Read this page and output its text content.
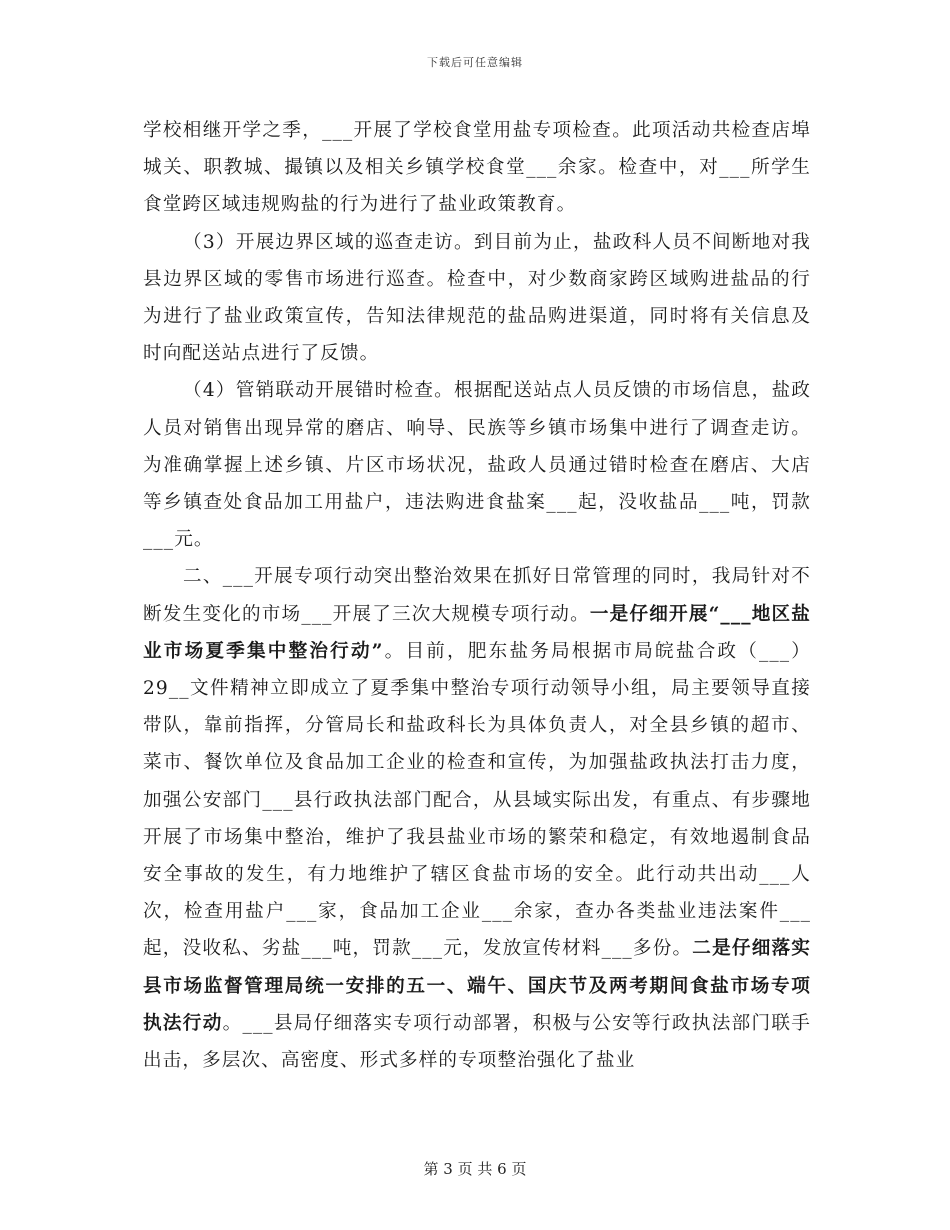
下载后可任意编辑

学校相继开学之季，___开展了学校食堂用盐专项检查。此项活动共检查店埠城关、职教城、撮镇以及相关乡镇学校食堂___余家。检查中，对___所学生食堂跨区域违规购盐的行为进行了盐业政策教育。

（3）开展边界区域的巡查走访。到目前为止，盐政科人员不间断地对我县边界区域的零售市场进行巡查。检查中，对少数商家跨区域购进盐品的行为进行了盐业政策宣传，告知法律规范的盐品购进渠道，同时将有关信息及时向配送站点进行了反馈。

（4）管销联动开展错时检查。根据配送站点人员反馈的市场信息，盐政人员对销售出现异常的磨店、响导、民族等乡镇市场集中进行了调查走访。为准确掌握上述乡镇、片区市场状况，盐政人员通过错时检查在磨店、大店等乡镇查处食品加工用盐户，违法购进食盐案___起，没收盐品___吨，罚款___元。

二、___开展专项行动突出整治效果在抓好日常管理的同时，我局针对不断发生变化的市场___开展了三次大规模专项行动。一是仔细开展“___地区盐业市场夏季集中整治行动”。目前，肥东盐务局根据市局皖盐合政（___）29__文件精神立即成立了夏季集中整治专项行动领导小组，局主要领导直接带队，靠前指挥，分管局长和盐政科长为具体负责人，对全县乡镇的超市、菜市、餐饮单位及食品加工企业的检查和宣传，为加强盐政执法打击力度，加强公安部门___县行政执法部门配合，从县域实际出发，有重点、有步骤地开展了市场集中整治，维护了我县盐业市场的繁荣和稳定，有效地遏制食品安全事故的发生，有力地维护了辖区食盐市场的安全。此行动共出动___人次，检查用盐户___家，食品加工企业___余家，查办各类盐业违法案件___起，没收私、劣盐___吨，罚款___元，发放宣传材料___多份。二是仔细落实县市场监督管理局统一安排的五一、端午、国庆节及两考期间食盐市场专项执法行动。___县局仔细落实专项行动部署，积极与公安等行政执法部门联手出击，多层次、高密度、形式多样的专项整治强化了盐业

第 3 页 共 6 页
